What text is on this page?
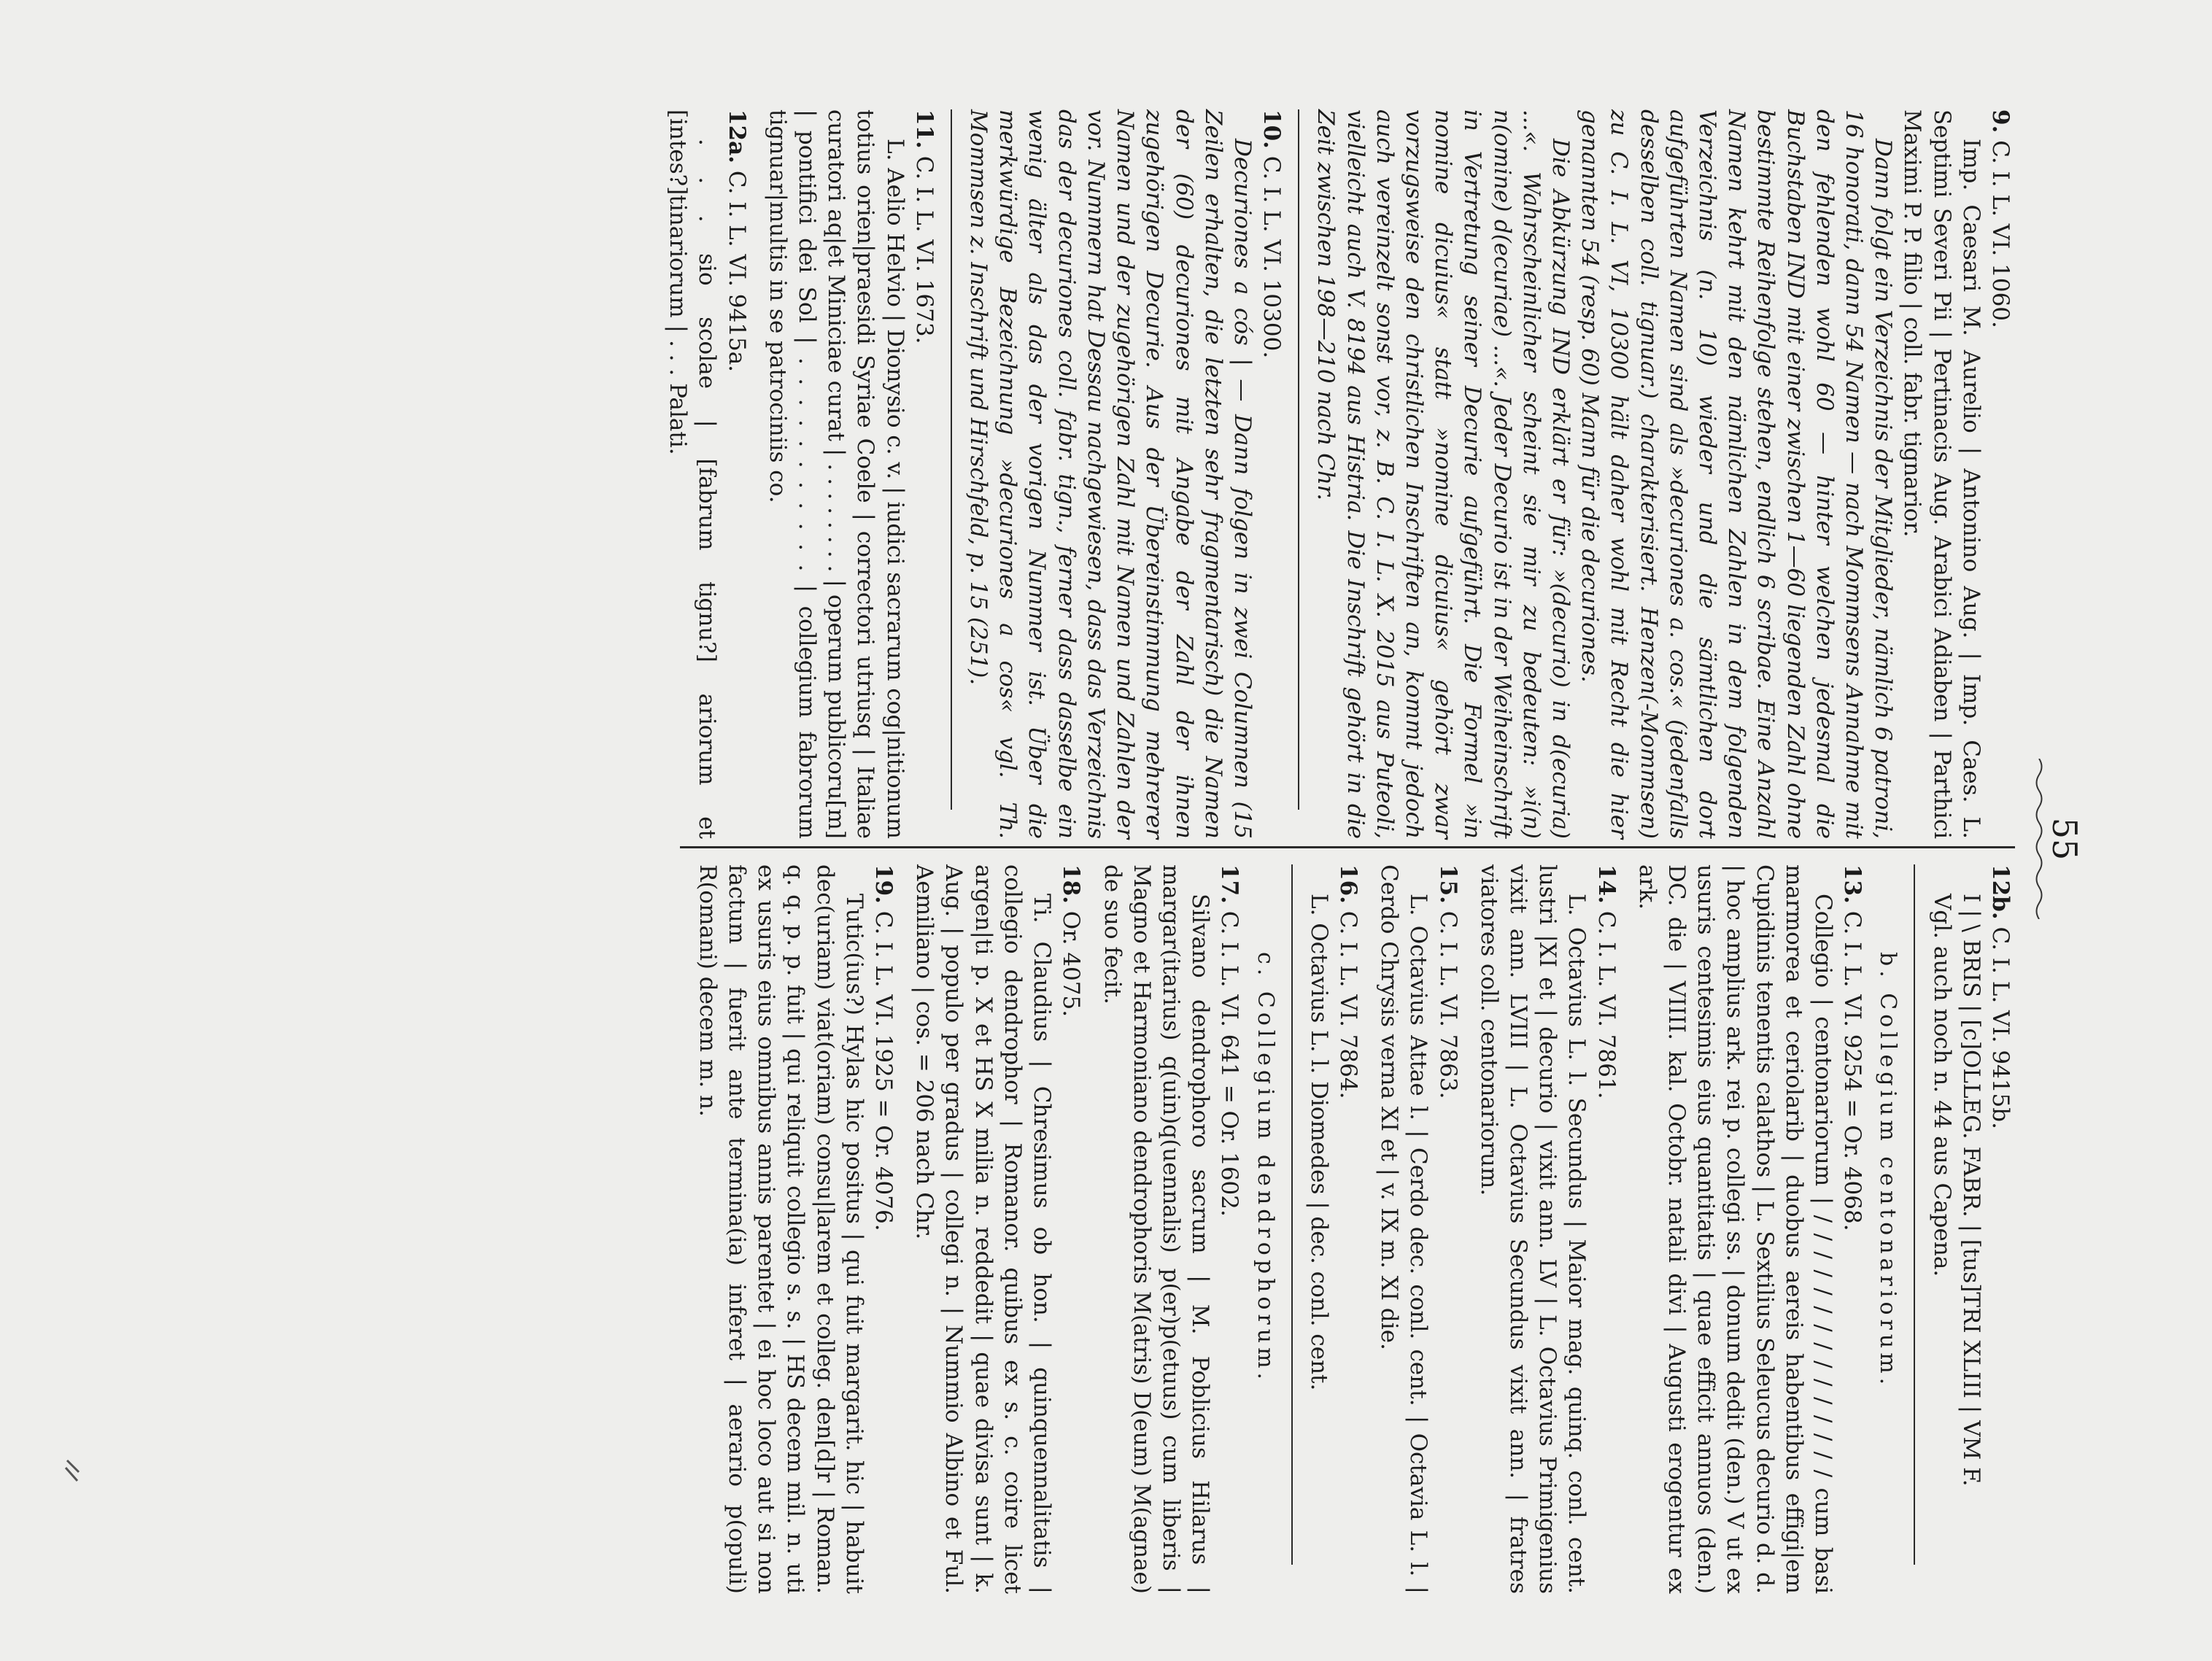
55
9. C. I. L. VI. 1060.
Imp. Caesari M. Aurelio | Antonino Aug. | Imp. Caes. L. Septimi Severi Pii | Pertinacis Aug. Arabici Adiaben | Parthici Maximi P. P. filio | coll. fabr. tignarior.
Dann folgt ein Verzeichnis der Mitglieder, nämlich 6 patroni, 16 honorati, dann 54 Namen — nach Mommsens Annahme mit den fehlenden wohl 60 — hinter welchen jedesmal die Buchstaben IND mit einer zwischen 1—60 liegenden Zahl ohne bestimmte Reihenfolge stehen, endlich 6 scribae. Eine Anzahl Namen kehrt mit den nämlichen Zahlen in dem folgenden Verzeichnis (n. 10) wieder und die sämtlichen dort aufgeführten Namen sind als »decuriones a. cos.« (jedenfalls desselben coll. tignuar.) charakterisiert. Henzen(-Mommsen) zu C. I. L. VI, 10300 hält daher wohl mit Recht die hier genannten 54 (resp. 60) Mann für die decuriones.
Die Abkürzung IND erklärt er für: »(decurio) in d(ecuria) ...«. Wahrscheinlicher scheint sie mir zu bedeuten: »i(n) n(omine) d(ecuriae) ...«. Jeder Decurio ist in der Weiheinschrift in Vertretung seiner Decurie aufgeführt. Die Formel »in nomine dicuius« statt »nomine dicuius« gehört zwar vorzugsweise den christlichen Inschriften an, kommt jedoch auch vereinzelt sonst vor, z. B. C. I. L. X. 2015 aus Puteoli, vielleicht auch V. 8194 aus Histria. Die Inschrift gehört in die Zeit zwischen 198—210 nach Chr.
10. C. I. L. VI. 10300.
Decuriones a cós | — Dann folgen in zwei Columnen (15 Zeilen erhalten, die letzten sehr fragmentarisch) die Namen der (60) decuriones mit Angabe der Zahl der ihnen zugehörigen Decurie. Aus der Übereinstimmung mehrerer Namen und der zugehörigen Zahl mit Namen und Zahlen der vor. Nummern hat Dessau nachgewiesen, dass das Verzeichnis das der decuriones coll. fabr. tign., ferner dass dasselbe ein wenig älter als das der vorigen Nummer ist. Über die merkwürdige Bezeichnung »decuriones a cos« vgl. Th. Mommsen z. Inschrift und Hirschfeld, p. 15 (251).
11. C. I. L. VI. 1673.
L. Aelio Helvio | Dionysio c. v. | iudici sacrarum cog|nitionum totius orien|praesidi Syriae Coele | correctori utriusq | Italiae curatori aq|et Miniciae curat | . . . . . . . . | operum publicoru[m] | pontifici dei Sol | . . . . . . . . . . . | collegium fabrorum tignuar|multis in se patrociniis co.
12a. C. I. L. VI. 9415a.
. . . sio scolae | [fabrum tignu?] ariorum et [intes?]tinariorum | . . . Palati.
12b. C. I. L. VI. 9415b.
I | \ BRIS | [c]OLLEG. FABR. | [tus]TRI XLIII | VM F.
Vgl. auch noch n. 44 aus Capena.
b. Collegium centonariorum.
13. C. I. L. VI. 9254 = Or. 4068.
Collegio | centonariorum | / / / / / / / / / / / / / / / cum basi marmorea et ceriolarib | duobus aereis habentibus effigi|em Cupidinis tenentis calathos | L. Sextilius Seleucus decurio d. d. | hoc amplius ark. rei p. collegi ss. | donum dedit (den.) V ut ex usuris centesimis eius quantitatis | quae efficit annuos (den.) DC. die | VIIII. kal. Octobr. natali divi | Augusti erogentur ex ark.
14. C. I. L. VI. 7861.
L. Octavius L. l. Secundus | Maior mag. quinq. conl. cent. lustri |XI et | decurio | vixit ann. LV | L. Octavius Primigenius vixit ann. LVIII | L. Octavius Secundus vixit ann. | fratres viatores coll. centonariorum.
15. C. I. L. VI. 7863.
L. Octavius Attae l. | Cerdo dec. conl. cent. | Octavia L. l. | Cerdo Chrysis verna XI et | v. IX m. XI die.
16. C. I. L. VI. 7864.
L. Octavius L. l. Diomedes | dec. conl. cent.
c. Collegium dendrophorum.
17. C. I. L. VI. 641 = Or. 1602.
Silvano dendrophoro sacrum | M. Poblicius Hilarus | margar(itarius) q(uin)q(uennalis) p(er)p(etuus) cum liberis | Magno et Harmoniano dendrophoris M(atris) D(eum) M(agnae) de suo fecit.
18. Or. 4075.
Ti. Claudius | Chresimus ob hon. | quinquennalitatis | collegio dendrophor | Romanor. quibus ex s. c. coire licet argen|ti p. X et HS X milia n. reddedit | quae divisa sunt | k. Aug. | populo per gradus | collegi n. | Nummio Albino et Ful. Aemiliano | cos. = 206 nach Chr.
19. C. I. L. VI. 1925 = Or. 4076.
Tutic(ius?) Hylas hic positus | qui fuit margarit. hic | habuit dec(uriam) viat(oriam) consu|larem et colleg. den[d]r | Roman. q. q. p. p. fuit | qui reliquit collegio s. s. | HS decem mil. n. uti ex usuris eius omnibus annis parentet | ei hoc loco aut si non factum | fuerit ante termina(ia) inferet | aerario p(opuli) R(omani) decem m. n.
